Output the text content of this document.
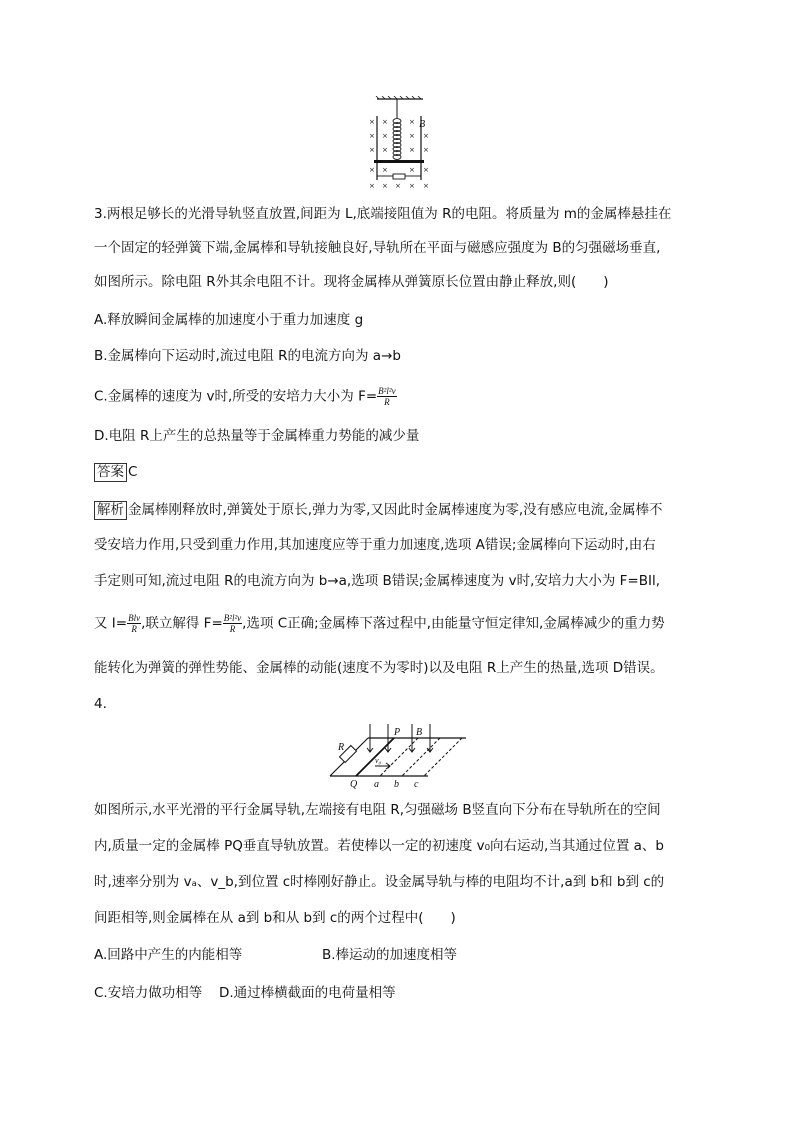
× ×	×
× ×	× ×
× ×	× ×
× ×	× ×
× × × × ×
B
3.两根足够长的光滑导轨竖直放置,间距为 L,底端接阻值为 R的电阻。将质量为 m的金属棒悬挂在
一个固定的轻弹簧下端,金属棒和导轨接触良好,导轨所在平面与磁感应强度为 B的匀强磁场垂直,
如图所示。除电阻 R外其余电阻不计。现将金属棒从弹簧原长位置由静止释放,则(　　)
A.释放瞬间金属棒的加速度小于重力加速度 g
B.金属棒向下运动时,流过电阻 R的电流方向为 a→b
C.金属棒的速度为 v时,所受的安培力大小为 $F= \frac{\text{B²l²v}}{R}$
D.电阻 R上产生的总热量等于金属棒重力势能的减少量
答案 C
解析 金属棒刚释放时,弹簧处于原长,弹力为零,又因此时金属棒速度为零,没有感应电流,金属棒不
受安培力作用,只受到重力作用,其加速度应等于重力加速度,选项 A错误;金属棒向下运动时,由右
手定则可知,流过电阻 R的电流方向为 b→a,选项 B错误;金属棒速度为 v时,安培力大小为 F=BIl,
又 $I= \frac{\text{Blv}}{R}$ ,联立解得 $F= \frac{\text{B²l²v}}{R}$ ,选项 C正确;金属棒下落过程中,由能量守恒定律知,金属棒减少的重力势
能转化为弹簧的弹性势能、金属棒的动能(速度不为零时)以及电阻 R上产生的热量,选项 D错误。
4.
R
P B
v₀
Q a b c
如图所示,水平光滑的平行金属导轨,左端接有电阻 R,匀强磁场 B竖直向下分布在导轨所在的空间
内,质量一定的金属棒 PQ垂直导轨放置。若使棒以一定的初速度 v₀向右运动,当其通过位置 a、b
时,速率分别为 vₐ、v_b,到位置 c时棒刚好静止。设金属导轨与棒的电阻均不计,a到 b和 b到 c的
间距相等,则金属棒在从 a到 b和从 b到 c的两个过程中(　　)
A.回路中产生的内能相等	B.棒运动的加速度相等
C.安培力做功相等 D.通过棒横截面的电荷量相等
